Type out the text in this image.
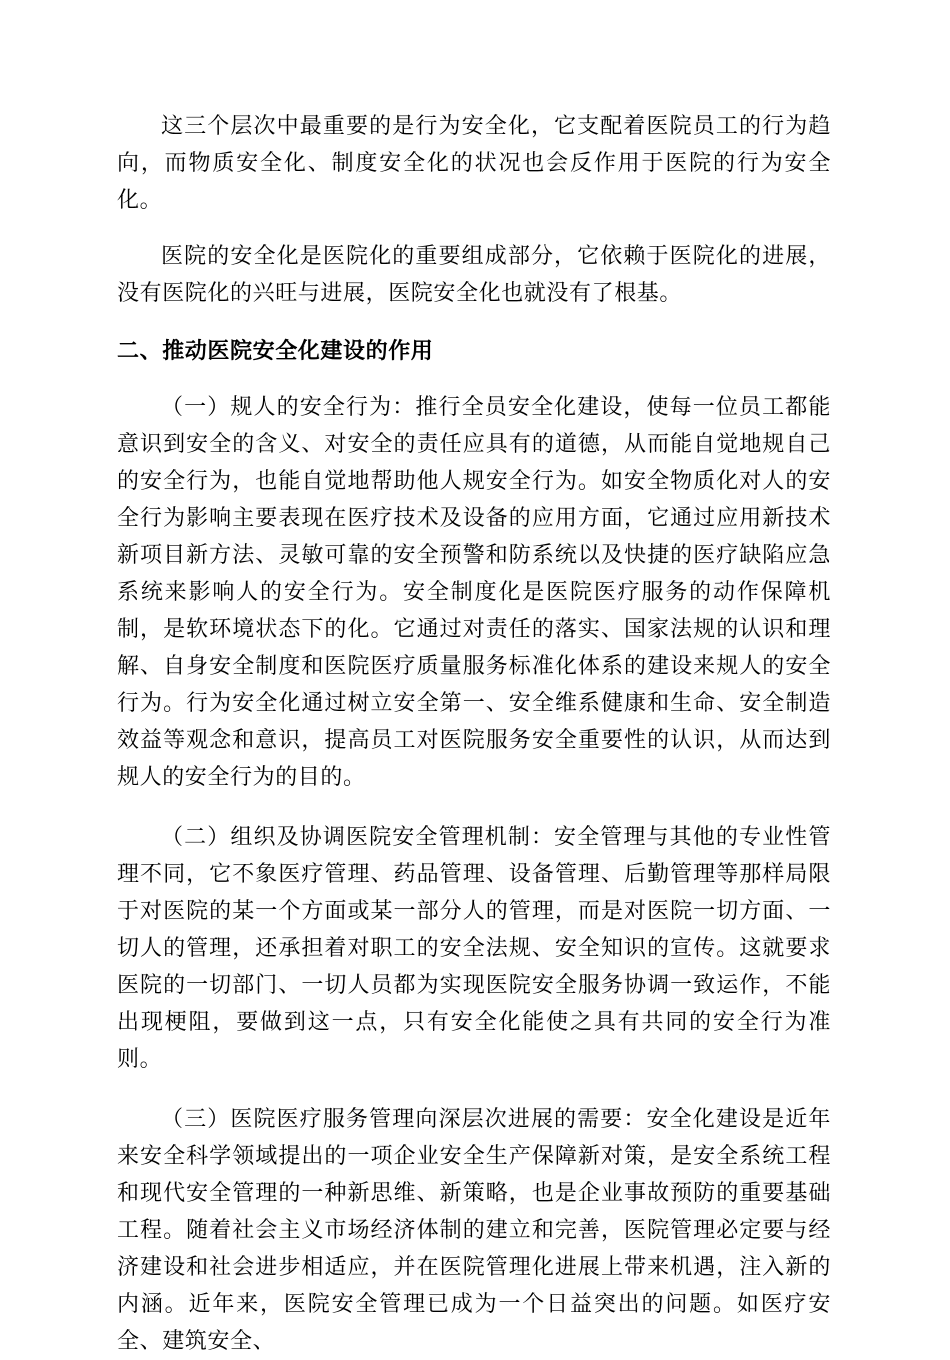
这三个层次中最重要的是行为安全化，它支配着医院员工的行为趋向，而物质安全化、制度安全化的状况也会反作用于医院的行为安全化。

医院的安全化是医院化的重要组成部分，它依赖于医院化的进展，没有医院化的兴旺与进展，医院安全化也就没有了根基。

二、推动医院安全化建设的作用

（一）规人的安全行为：推行全员安全化建设，使每一位员工都能意识到安全的含义、对安全的责任应具有的道德，从而能自觉地规自己的安全行为，也能自觉地帮助他人规安全行为。如安全物质化对人的安全行为影响主要表现在医疗技术及设备的应用方面，它通过应用新技术新项目新方法、灵敏可靠的安全预警和防系统以及快捷的医疗缺陷应急系统来影响人的安全行为。安全制度化是医院医疗服务的动作保障机制，是软环境状态下的化。它通过对责任的落实、国家法规的认识和理解、自身安全制度和医院医疗质量服务标准化体系的建设来规人的安全行为。行为安全化通过树立安全第一、安全维系健康和生命、安全制造效益等观念和意识，提高员工对医院服务安全重要性的认识，从而达到规人的安全行为的目的。

（二）组织及协调医院安全管理机制：安全管理与其他的专业性管理不同，它不象医疗管理、药品管理、设备管理、后勤管理等那样局限于对医院的某一个方面或某一部分人的管理，而是对医院一切方面、一切人的管理，还承担着对职工的安全法规、安全知识的宣传。这就要求医院的一切部门、一切人员都为实现医院安全服务协调一致运作，不能出现梗阻，要做到这一点，只有安全化能使之具有共同的安全行为准则。

（三）医院医疗服务管理向深层次进展的需要：安全化建设是近年来安全科学领域提出的一项企业安全生产保障新对策，是安全系统工程和现代安全管理的一种新思维、新策略，也是企业事故预防的重要基础工程。随着社会主义市场经济体制的建立和完善，医院管理必定要与经济建设和社会进步相适应，并在医院管理化进展上带来机遇，注入新的内涵。近年来，医院安全管理已成为一个日益突出的问题。如医疗安全、建筑安全、
